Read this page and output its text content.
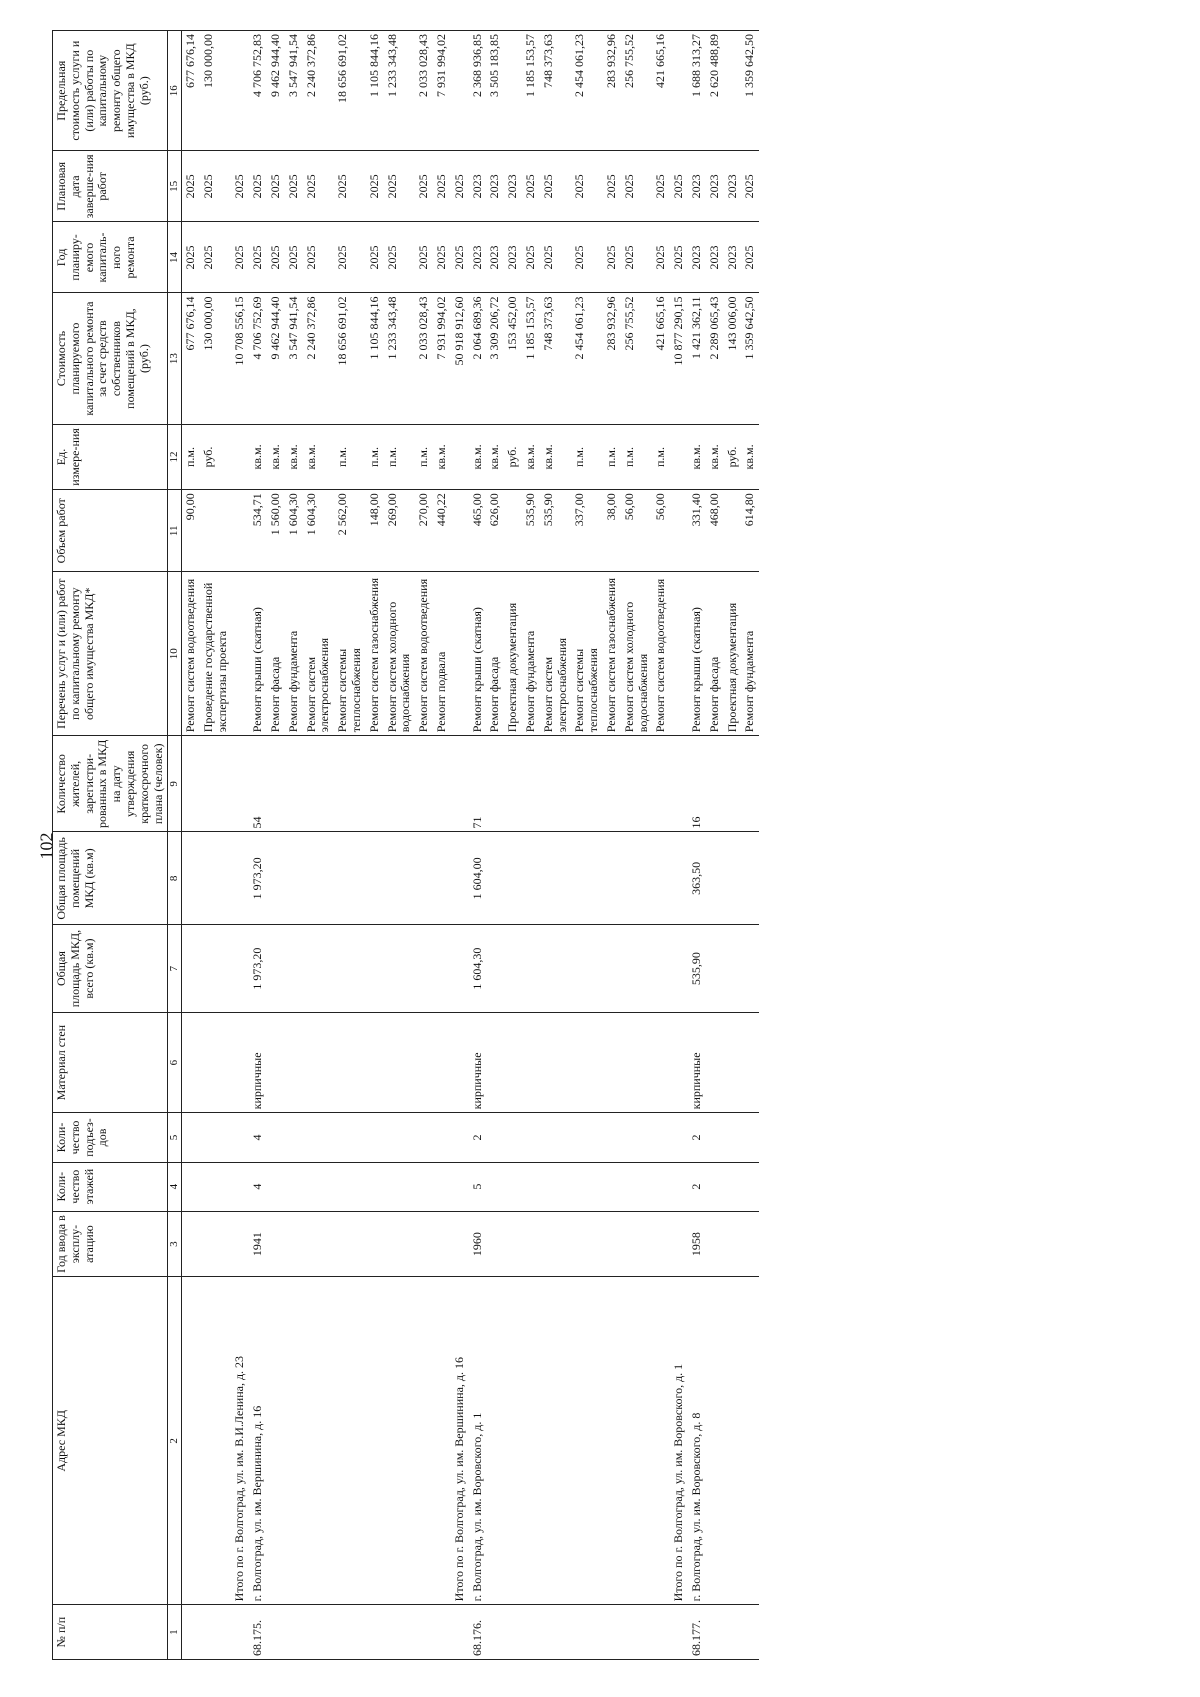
102
№ п/п	Адрес МКД	Год ввода в эксплу-атацию	Коли-чество этажей	Коли-чество подъез-дов	Материал стен	Общая площадь МКД, всего (кв.м)	Общая площадь помещений МКД (кв.м)	Количество жителей, зарегистри-рованных в МКД на дату утверждения краткосрочного плана (человек)	Перечень услуг и (или) работ по капитальному ремонту общего имущества МКД*	Объем работ	Ед. измере-ния	Стоимость планируемого капитального ремонта за счет средств собственников помещений в МКД, (руб.)	Год планиру-емого капиталь-ного ремонта	Плановая дата заверше-ния работ	Предельная стоимость услуги и (или) работы по капитальному ремонту общего имущества в МКД (руб.)
1	2	3	4	5	6	7	8	9	10	11	12	13	14	15	16
									Ремонт систем водоотведения	90,00	п.м.	677 676,14	2025	2025	677 676,14
									Проведение государственной экспертизы проекта		руб.	130 000,00	2025	2025	130 000,00
	Итого по г. Волгоград, ул. им. В.И.Ленина, д. 23											10 708 556,15	2025	2025	
68.175.	г. Волгоград, ул. им. Вершинина, д. 16	1941	4	4	кирпичные	1 973,20	1 973,20	54	Ремонт крыши (скатная)	534,71	кв.м.	4 706 752,69	2025	2025	4 706 752,83
									Ремонт фасада	1 560,00	кв.м.	9 462 944,40	2025	2025	9 462 944,40
									Ремонт фундамента	1 604,30	кв.м.	3 547 941,54	2025	2025	3 547 941,54
									Ремонт систем электроснабжения	1 604,30	кв.м.	2 240 372,86	2025	2025	2 240 372,86
									Ремонт системы теплоснабжения	2 562,00	п.м.	18 656 691,02	2025	2025	18 656 691,02
									Ремонт систем газоснабжения	148,00	п.м.	1 105 844,16	2025	2025	1 105 844,16
									Ремонт систем холодного водоснабжения	269,00	п.м.	1 233 343,48	2025	2025	1 233 343,48
									Ремонт систем водоотведения	270,00	п.м.	2 033 028,43	2025	2025	2 033 028,43
									Ремонт подвала	440,22	кв.м.	7 931 994,02	2025	2025	7 931 994,02
	Итого по г. Волгоград, ул. им. Вершинина, д. 16											50 918 912,60	2025	2025	
68.176.	г. Волгоград, ул. им. Воровского, д. 1	1960	5	2	кирпичные	1 604,30	1 604,00	71	Ремонт крыши (скатная)	465,00	кв.м.	2 064 689,36	2023	2023	2 368 936,85
									Ремонт фасада	626,00	кв.м.	3 309 206,72	2023	2023	3 505 183,85
									Проектная документация		руб.	153 452,00	2023	2023	
									Ремонт фундамента	535,90	кв.м.	1 185 153,57	2025	2025	1 185 153,57
									Ремонт систем электроснабжения	535,90	кв.м.	748 373,63	2025	2025	748 373,63
									Ремонт системы теплоснабжения	337,00	п.м.	2 454 061,23	2025	2025	2 454 061,23
									Ремонт систем газоснабжения	38,00	п.м.	283 932,96	2025	2025	283 932,96
									Ремонт систем холодного водоснабжения	56,00	п.м.	256 755,52	2025	2025	256 755,52
									Ремонт систем водоотведения	56,00	п.м.	421 665,16	2025	2025	421 665,16
	Итого по г. Волгоград, ул. им. Воровского, д. 1											10 877 290,15	2025	2025	
68.177.	г. Волгоград, ул. им. Воровского, д. 8	1958	2	2	кирпичные	535,90	363,50	16	Ремонт крыши (скатная)	331,40	кв.м.	1 421 362,11	2023	2023	1 688 313,27
									Ремонт фасада	468,00	кв.м.	2 289 065,43	2023	2023	2 620 488,89
									Проектная документация		руб.	143 006,00	2023	2023	
									Ремонт фундамента	614,80	кв.м.	1 359 642,50	2025	2025	1 359 642,50
